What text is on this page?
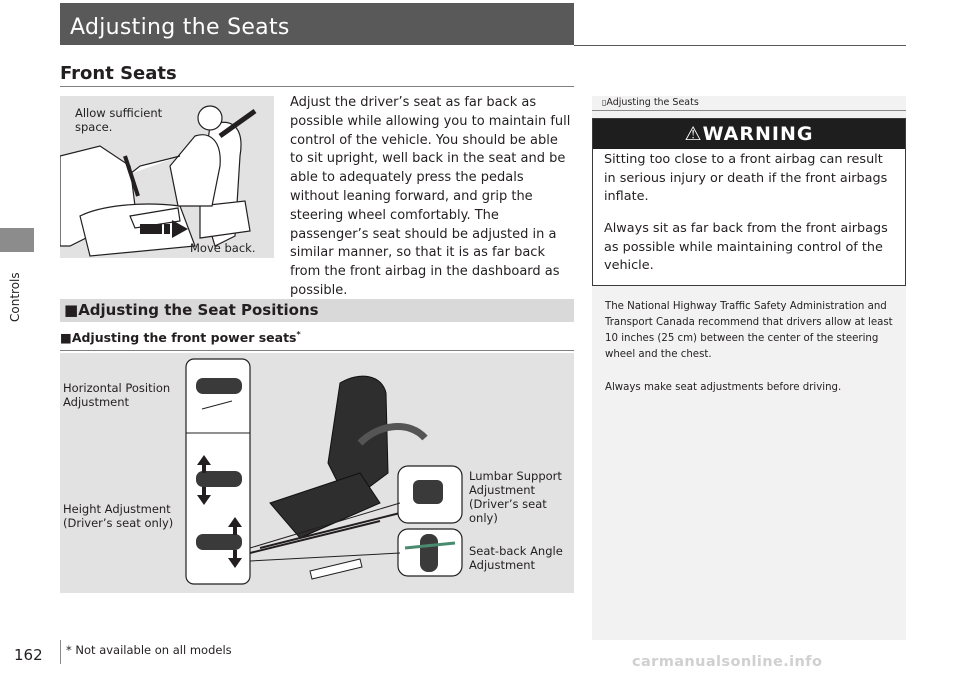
Controls
Adjusting the Seats
Front Seats
Allow sufficient
space.
Move back.
Adjust the driver’s seat as far back as possible while allowing you to maintain full control of the vehicle. You should be able to sit upright, well back in the seat and be able to adequately press the pedals without leaning forward, and grip the steering wheel comfortably. The passenger’s seat should be adjusted in a similar manner, so that it is as far back from the front airbag in the dashboard as possible.
■Adjusting the Seat Positions
■Adjusting the front power seats*
Horizontal Position
Adjustment
Height Adjustment
(Driver’s seat only)
Lumbar Support
Adjustment
(Driver’s seat
only)
Seat-back Angle
Adjustment
▯Adjusting the Seats
⚠WARNING
Sitting too close to a front airbag can result in serious injury or death if the front airbags inflate.
Always sit as far back from the front airbags as possible while maintaining control of the vehicle.
The National Highway Traffic Safety Administration and Transport Canada recommend that drivers allow at least 10 inches (25 cm) between the center of the steering wheel and the chest.
Always make seat adjustments before driving.
162 * Not available on all models
carmanualsonline.info
